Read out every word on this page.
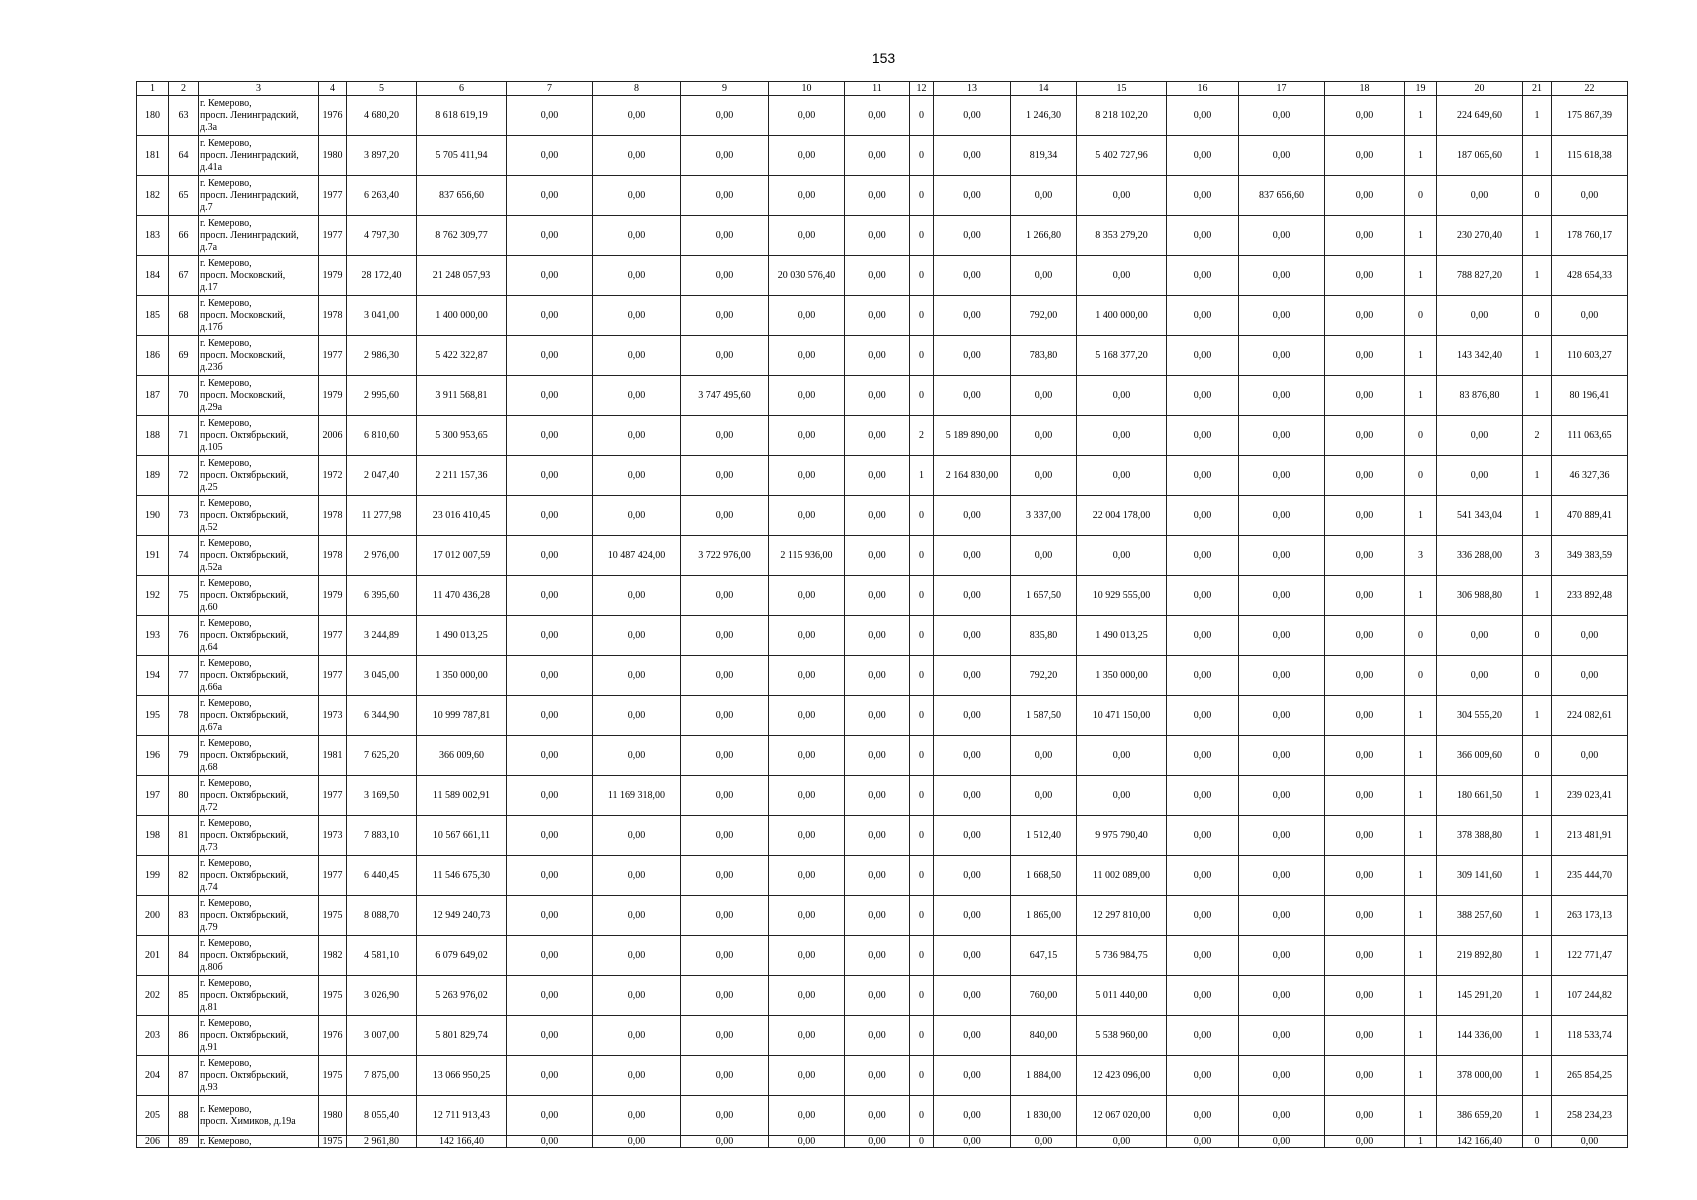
153
1	2	3	4	5	6	7	8	9	10	11	12	13	14	15	16	17	18	19	20	21	22
180	63	г. Кемерово,
просп. Ленинградский,
д.3а	1976	4 680,20	8 618 619,19	0,00	0,00	0,00	0,00	0,00	0	0,00	1 246,30	8 218 102,20	0,00	0,00	0,00	1	224 649,60	1	175 867,39
181	64	г. Кемерово,
просп. Ленинградский,
д.41а	1980	3 897,20	5 705 411,94	0,00	0,00	0,00	0,00	0,00	0	0,00	819,34	5 402 727,96	0,00	0,00	0,00	1	187 065,60	1	115 618,38
182	65	г. Кемерово,
просп. Ленинградский,
д.7	1977	6 263,40	837 656,60	0,00	0,00	0,00	0,00	0,00	0	0,00	0,00	0,00	0,00	837 656,60	0,00	0	0,00	0	0,00
183	66	г. Кемерово,
просп. Ленинградский,
д.7а	1977	4 797,30	8 762 309,77	0,00	0,00	0,00	0,00	0,00	0	0,00	1 266,80	8 353 279,20	0,00	0,00	0,00	1	230 270,40	1	178 760,17
184	67	г. Кемерово,
просп. Московский,
д.17	1979	28 172,40	21 248 057,93	0,00	0,00	0,00	20 030 576,40	0,00	0	0,00	0,00	0,00	0,00	0,00	0,00	1	788 827,20	1	428 654,33
185	68	г. Кемерово,
просп. Московский,
д.17б	1978	3 041,00	1 400 000,00	0,00	0,00	0,00	0,00	0,00	0	0,00	792,00	1 400 000,00	0,00	0,00	0,00	0	0,00	0	0,00
186	69	г. Кемерово,
просп. Московский,
д.23б	1977	2 986,30	5 422 322,87	0,00	0,00	0,00	0,00	0,00	0	0,00	783,80	5 168 377,20	0,00	0,00	0,00	1	143 342,40	1	110 603,27
187	70	г. Кемерово,
просп. Московский,
д.29а	1979	2 995,60	3 911 568,81	0,00	0,00	3 747 495,60	0,00	0,00	0	0,00	0,00	0,00	0,00	0,00	0,00	1	83 876,80	1	80 196,41
188	71	г. Кемерово,
просп. Октябрьский,
д.105	2006	6 810,60	5 300 953,65	0,00	0,00	0,00	0,00	0,00	2	5 189 890,00	0,00	0,00	0,00	0,00	0,00	0	0,00	2	111 063,65
189	72	г. Кемерово,
просп. Октябрьский,
д.25	1972	2 047,40	2 211 157,36	0,00	0,00	0,00	0,00	0,00	1	2 164 830,00	0,00	0,00	0,00	0,00	0,00	0	0,00	1	46 327,36
190	73	г. Кемерово,
просп. Октябрьский,
д.52	1978	11 277,98	23 016 410,45	0,00	0,00	0,00	0,00	0,00	0	0,00	3 337,00	22 004 178,00	0,00	0,00	0,00	1	541 343,04	1	470 889,41
191	74	г. Кемерово,
просп. Октябрьский,
д.52а	1978	2 976,00	17 012 007,59	0,00	10 487 424,00	3 722 976,00	2 115 936,00	0,00	0	0,00	0,00	0,00	0,00	0,00	0,00	3	336 288,00	3	349 383,59
192	75	г. Кемерово,
просп. Октябрьский,
д.60	1979	6 395,60	11 470 436,28	0,00	0,00	0,00	0,00	0,00	0	0,00	1 657,50	10 929 555,00	0,00	0,00	0,00	1	306 988,80	1	233 892,48
193	76	г. Кемерово,
просп. Октябрьский,
д.64	1977	3 244,89	1 490 013,25	0,00	0,00	0,00	0,00	0,00	0	0,00	835,80	1 490 013,25	0,00	0,00	0,00	0	0,00	0	0,00
194	77	г. Кемерово,
просп. Октябрьский,
д.66а	1977	3 045,00	1 350 000,00	0,00	0,00	0,00	0,00	0,00	0	0,00	792,20	1 350 000,00	0,00	0,00	0,00	0	0,00	0	0,00
195	78	г. Кемерово,
просп. Октябрьский,
д.67а	1973	6 344,90	10 999 787,81	0,00	0,00	0,00	0,00	0,00	0	0,00	1 587,50	10 471 150,00	0,00	0,00	0,00	1	304 555,20	1	224 082,61
196	79	г. Кемерово,
просп. Октябрьский,
д.68	1981	7 625,20	366 009,60	0,00	0,00	0,00	0,00	0,00	0	0,00	0,00	0,00	0,00	0,00	0,00	1	366 009,60	0	0,00
197	80	г. Кемерово,
просп. Октябрьский,
д.72	1977	3 169,50	11 589 002,91	0,00	11 169 318,00	0,00	0,00	0,00	0	0,00	0,00	0,00	0,00	0,00	0,00	1	180 661,50	1	239 023,41
198	81	г. Кемерово,
просп. Октябрьский,
д.73	1973	7 883,10	10 567 661,11	0,00	0,00	0,00	0,00	0,00	0	0,00	1 512,40	9 975 790,40	0,00	0,00	0,00	1	378 388,80	1	213 481,91
199	82	г. Кемерово,
просп. Октябрьский,
д.74	1977	6 440,45	11 546 675,30	0,00	0,00	0,00	0,00	0,00	0	0,00	1 668,50	11 002 089,00	0,00	0,00	0,00	1	309 141,60	1	235 444,70
200	83	г. Кемерово,
просп. Октябрьский,
д.79	1975	8 088,70	12 949 240,73	0,00	0,00	0,00	0,00	0,00	0	0,00	1 865,00	12 297 810,00	0,00	0,00	0,00	1	388 257,60	1	263 173,13
201	84	г. Кемерово,
просп. Октябрьский,
д.80б	1982	4 581,10	6 079 649,02	0,00	0,00	0,00	0,00	0,00	0	0,00	647,15	5 736 984,75	0,00	0,00	0,00	1	219 892,80	1	122 771,47
202	85	г. Кемерово,
просп. Октябрьский,
д.81	1975	3 026,90	5 263 976,02	0,00	0,00	0,00	0,00	0,00	0	0,00	760,00	5 011 440,00	0,00	0,00	0,00	1	145 291,20	1	107 244,82
203	86	г. Кемерово,
просп. Октябрьский,
д.91	1976	3 007,00	5 801 829,74	0,00	0,00	0,00	0,00	0,00	0	0,00	840,00	5 538 960,00	0,00	0,00	0,00	1	144 336,00	1	118 533,74
204	87	г. Кемерово,
просп. Октябрьский,
д.93	1975	7 875,00	13 066 950,25	0,00	0,00	0,00	0,00	0,00	0	0,00	1 884,00	12 423 096,00	0,00	0,00	0,00	1	378 000,00	1	265 854,25
205	88	г. Кемерово,
просп. Химиков, д.19а	1980	8 055,40	12 711 913,43	0,00	0,00	0,00	0,00	0,00	0	0,00	1 830,00	12 067 020,00	0,00	0,00	0,00	1	386 659,20	1	258 234,23
206	89	г. Кемерово,	1975	2 961,80	142 166,40	0,00	0,00	0,00	0,00	0,00	0	0,00	0,00	0,00	0,00	0,00	0,00	1	142 166,40	0	0,00
